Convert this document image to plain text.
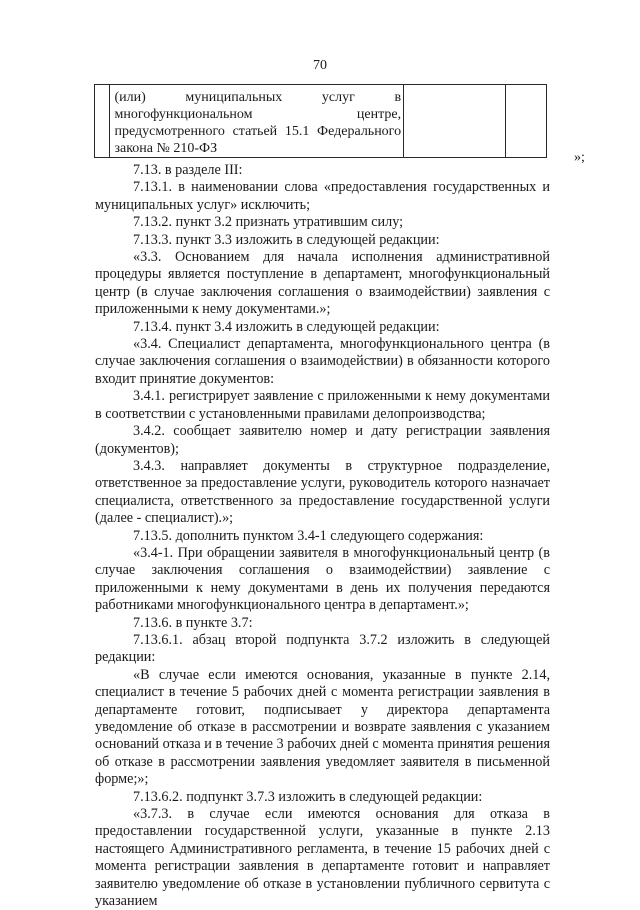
70
	(или) муниципальных услуг в многофункциональном центре, предусмотренного статьей 15.1 Федерального закона № 210-ФЗ		
»;

7.13. в разделе III:

7.13.1. в наименовании слова «предоставления государственных и муниципальных услуг» исключить;

7.13.2. пункт 3.2 признать утратившим силу;

7.13.3. пункт 3.3 изложить в следующей редакции:

«3.3. Основанием для начала исполнения административной процедуры является поступление в департамент, многофункциональный центр (в случае заключения соглашения о взаимодействии) заявления с приложенными к нему документами.»;

7.13.4. пункт 3.4 изложить в следующей редакции:

«3.4. Специалист департамента, многофункционального центра (в случае заключения соглашения о взаимодействии) в обязанности которого входит принятие документов:

3.4.1. регистрирует заявление с приложенными к нему документами в соответствии с установленными правилами делопроизводства;

3.4.2. сообщает заявителю номер и дату регистрации заявления (документов);

3.4.3. направляет документы в структурное подразделение, ответственное за предоставление услуги, руководитель которого назначает специалиста, ответственного за предоставление государственной услуги (далее - специалист).»;

7.13.5. дополнить пунктом 3.4-1 следующего содержания:

«3.4-1. При обращении заявителя в многофункциональный центр (в случае заключения соглашения о взаимодействии) заявление с приложенными к нему документами в день их получения передаются работниками многофункционального центра в департамент.»;

7.13.6. в пункте 3.7:

7.13.6.1. абзац второй подпункта 3.7.2 изложить в следующей редакции:

«В случае если имеются основания, указанные в пункте 2.14, специалист в течение 5 рабочих дней с момента регистрации заявления в департаменте готовит, подписывает у директора департамента уведомление об отказе в рассмотрении и возврате заявления с указанием оснований отказа и в течение 3 рабочих дней с момента принятия решения об отказе в рассмотрении заявления уведомляет заявителя в письменной форме;»;

7.13.6.2. подпункт 3.7.3 изложить в следующей редакции:

«3.7.3. в случае если имеются основания для отказа в предоставлении государственной услуги, указанные в пункте 2.13 настоящего Административного регламента, в течение 15 рабочих дней с момента регистрации заявления в департаменте готовит и направляет заявителю уведомление об отказе в установлении публичного сервитута с указанием
